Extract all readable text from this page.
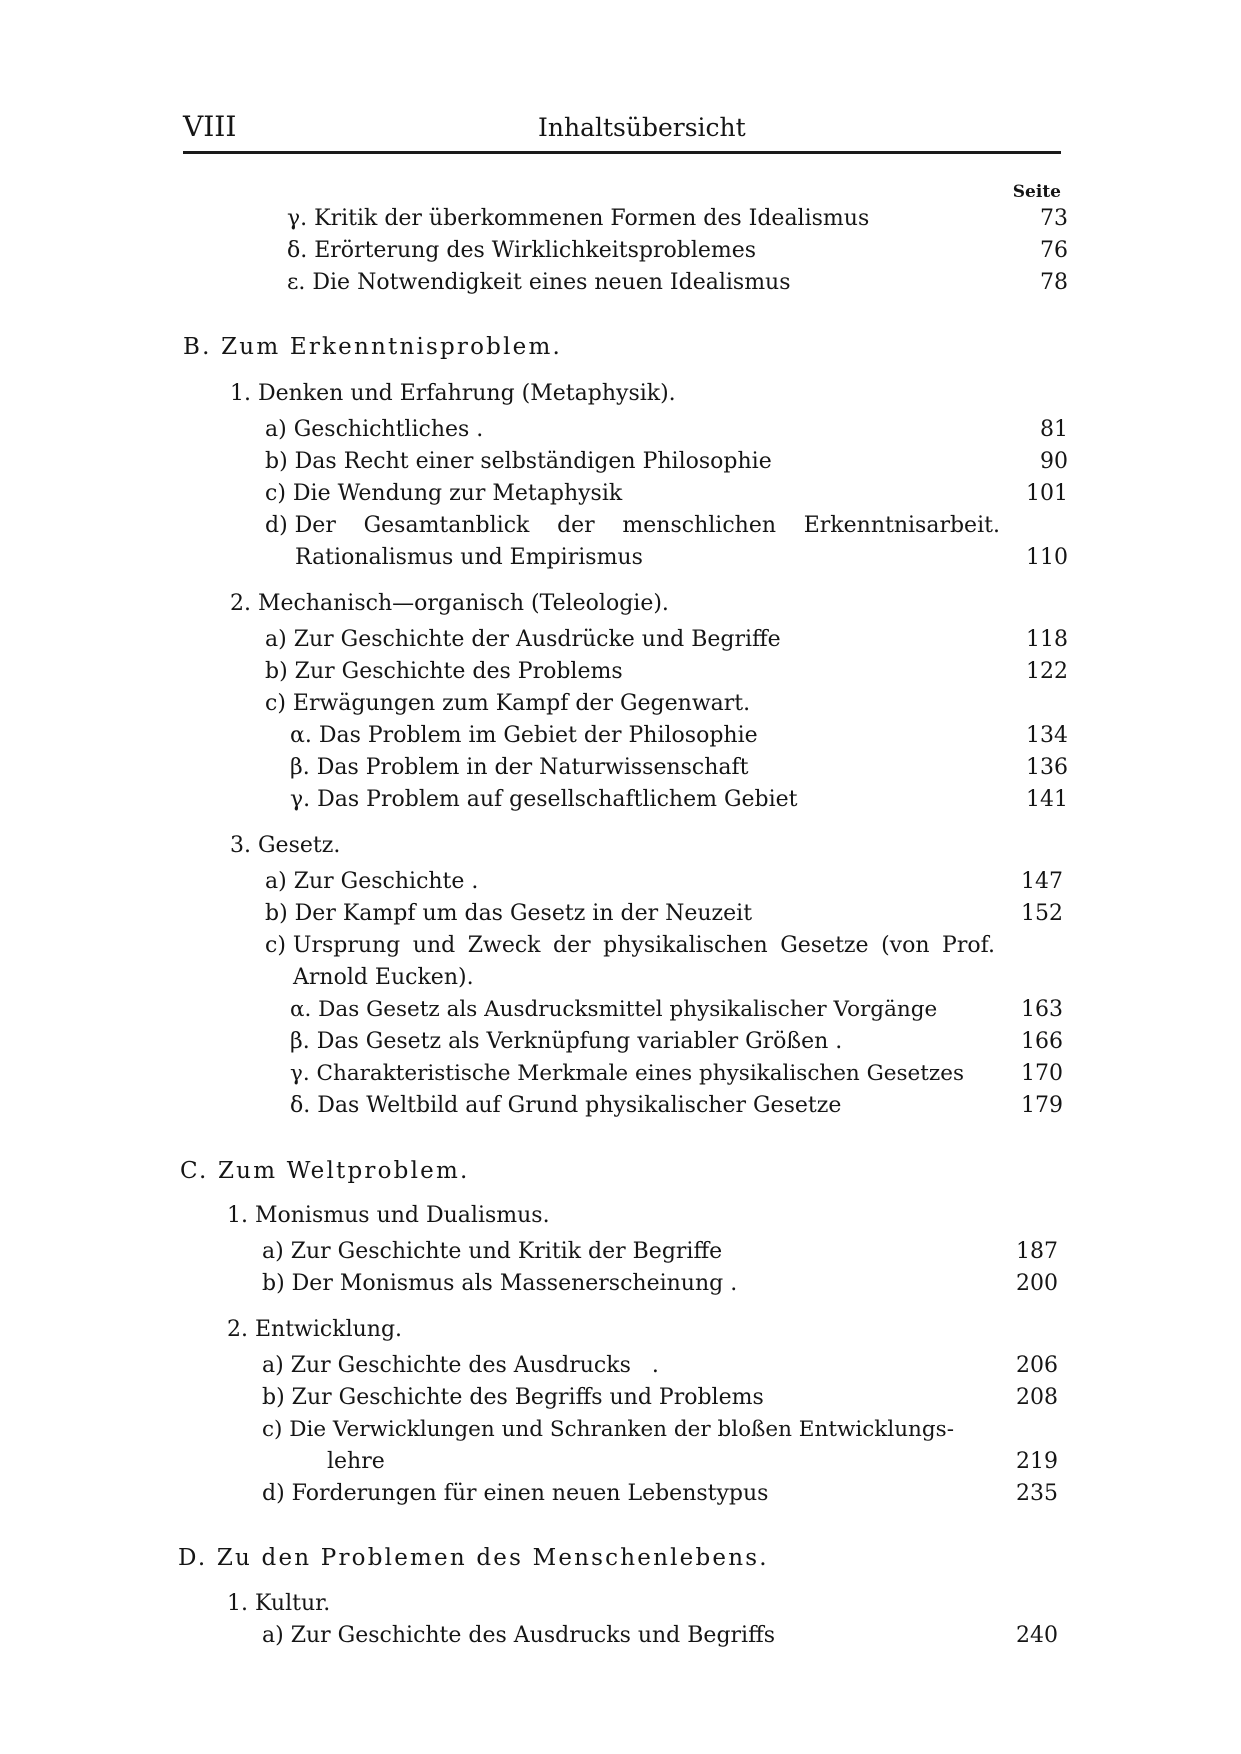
VIII	Inhaltsübersicht
Seite
γ. Kritik der überkommenen Formen des Idealismus	73
δ. Erörterung des Wirklichkeitsproblemes	76
ε. Die Notwendigkeit eines neuen Idealismus	78
B. Zum Erkenntnisproblem.
1. Denken und Erfahrung (Metaphysik).
a) Geschichtliches .	81
b) Das Recht einer selbständigen Philosophie	90
c) Die Wendung zur Metaphysik	101
d) Der Gesamtanblick der menschlichen Erkenntnisarbeit.
Rationalismus und Empirismus	110
2. Mechanisch—organisch (Teleologie).
a) Zur Geschichte der Ausdrücke und Begriffe	118
b) Zur Geschichte des Problems	122
c) Erwägungen zum Kampf der Gegenwart.
α. Das Problem im Gebiet der Philosophie	134
β. Das Problem in der Naturwissenschaft	136
γ. Das Problem auf gesellschaftlichem Gebiet	141
3. Gesetz.
a) Zur Geschichte .	147
b) Der Kampf um das Gesetz in der Neuzeit	152
c) Ursprung und Zweck der physikalischen Gesetze (von Prof.
Arnold Eucken).
α. Das Gesetz als Ausdrucksmittel physikalischer Vorgänge	163
β. Das Gesetz als Verknüpfung variabler Größen .	166
γ. Charakteristische Merkmale eines physikalischen Gesetzes	170
δ. Das Weltbild auf Grund physikalischer Gesetze	179
C. Zum Weltproblem.
1. Monismus und Dualismus.
a) Zur Geschichte und Kritik der Begriffe	187
b) Der Monismus als Massenerscheinung .	200
2. Entwicklung.
a) Zur Geschichte des Ausdrucks   .	206
b) Zur Geschichte des Begriffs und Problems	208
c) Die Verwicklungen und Schranken der bloßen Entwicklungs-
lehre	219
d) Forderungen für einen neuen Lebenstypus	235
D. Zu den Problemen des Menschenlebens.
1. Kultur.
a) Zur Geschichte des Ausdrucks und Begriffs	240
